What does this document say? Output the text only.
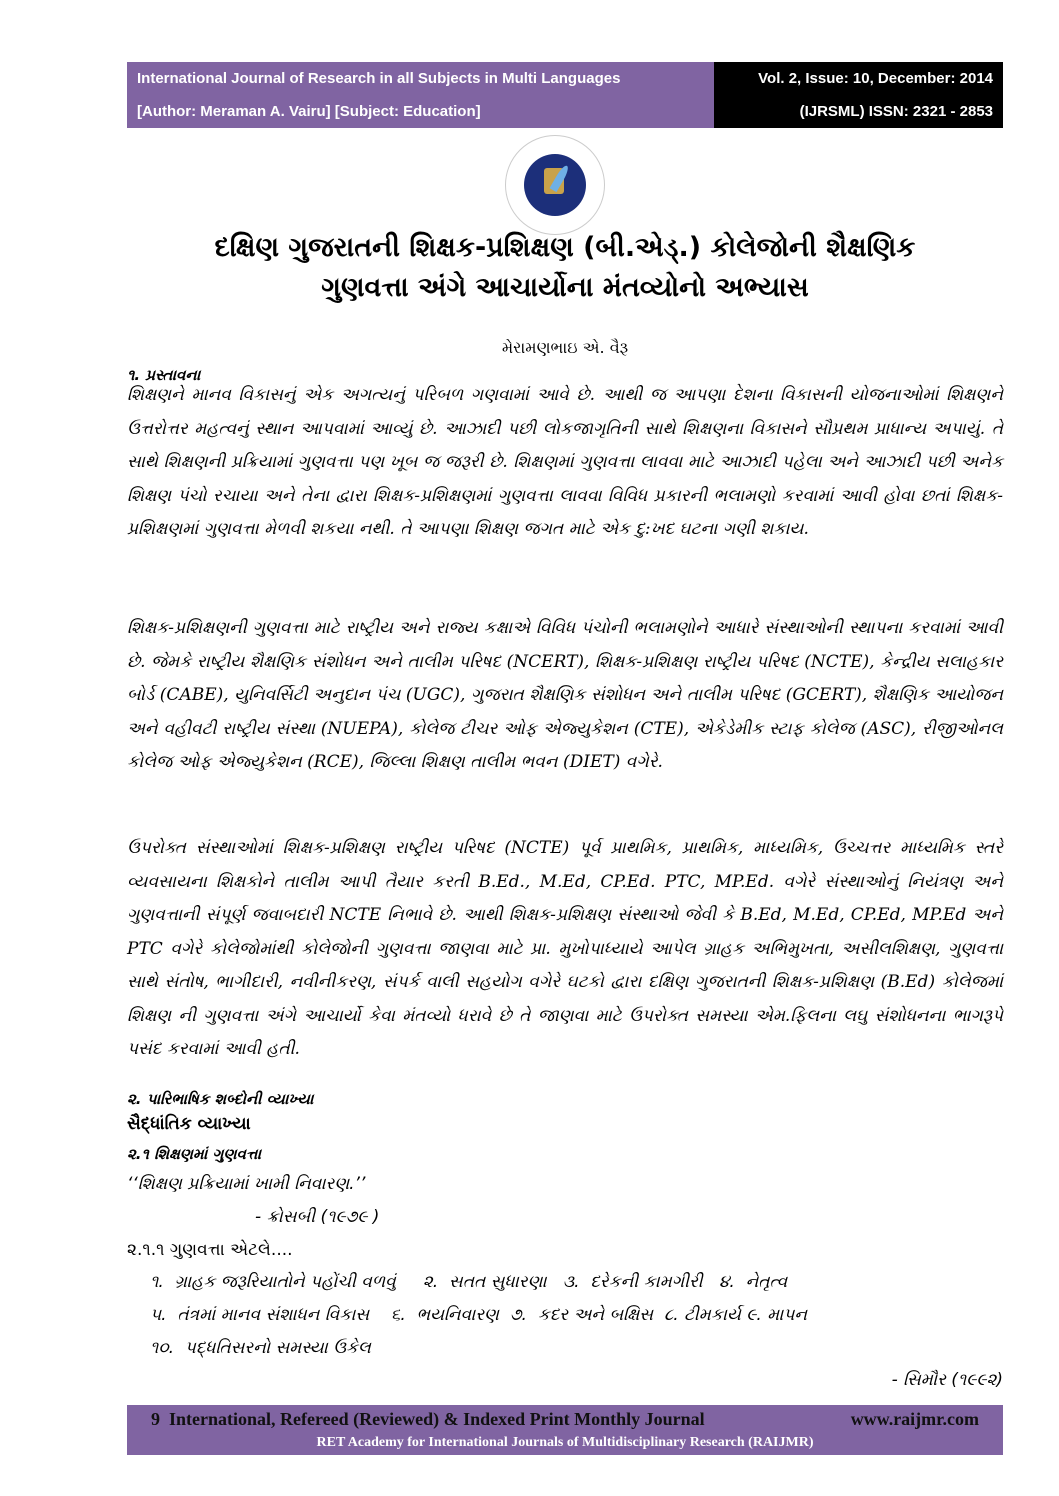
International Journal of Research in all Subjects in Multi Languages
[Author: Meraman A. Vairu] [Subject: Education]
Vol. 2, Issue: 10, December: 2014
(IJRSML) ISSN: 2321 - 2853
દક્ષિણ ગુજરાતની શિક્ષક-પ્રશિક્ષણ (બી.એડ્.) કોલેજોની શૈક્ષણિક
ગુણવત્તા અંગે આચાર્યોના મંતવ્યોનો અભ્યાસ
મેરામણભાઇ એ. વૈરૂ
૧. પ્રસ્તાવના
શિક્ષણને માનવ વિકાસનું એક અગત્યનું પરિબળ ગણવામાં આવે છે. આથી જ આપણા દેશના વિકાસની યોજનાઓમાં શિક્ષણને ઉત્તરોત્તર મહત્વનું સ્થાન આપવામાં આવ્યું છે. આઝાદી પછી લોકજાગૃતિની સાથે શિક્ષણના વિકાસને સૌપ્રથમ પ્રાધાન્ય અપાયું. તે સાથે શિક્ષણની પ્રક્રિયામાં ગુણવત્તા પણ ખૂબ જ જરૂરી છે. શિક્ષણમાં ગુણવત્તા લાવવા માટે આઝાદી પહેલા અને આઝાદી પછી અનેક શિક્ષણ પંચો રચાયા અને તેના દ્વારા શિક્ષક-પ્રશિક્ષણમાં ગુણવત્તા લાવવા વિવિધ પ્રકારની ભલામણો કરવામાં આવી હોવા છતાં શિક્ષક-પ્રશિક્ષણમાં ગુણવત્તા મેળવી શકયા નથી. તે આપણા શિક્ષણ જગત માટે એક દુ:ખદ ઘટના ગણી શકાય.
શિક્ષક-પ્રશિક્ષણની ગુણવત્તા માટે રાષ્ટ્રીય અને રાજ્ય કક્ષાએ વિવિધ પંચોની ભલામણોને આધારે સંસ્થાઓની સ્થાપના કરવામાં આવી છે. જેમકે રાષ્ટ્રીય શૈક્ષણિક સંશોધન અને તાલીમ પરિષદ (NCERT), શિક્ષક-પ્રશિક્ષણ રાષ્ટ્રીય પરિષદ (NCTE), કેન્દ્રીય સલાહકાર બોર્ડ (CABE), યુનિવર્સિટી અનુદાન પંચ (UGC), ગુજરાત શૈક્ષણિક સંશોધન અને તાલીમ પરિષદ (GCERT), શૈક્ષણિક આયોજન અને વહીવટી રાષ્ટ્રીય સંસ્થા (NUEPA), કોલેજ ટીચર ઓફ એજ્યુકેશન (CTE), એકેડેમીક સ્ટાફ કોલેજ (ASC), રીજીઓનલ કોલેજ ઓફ એજ્યુકેશન (RCE), જિલ્લા શિક્ષણ તાલીમ ભવન (DIET) વગેરે.
ઉપરોક્ત સંસ્થાઓમાં શિક્ષક-પ્રશિક્ષણ રાષ્ટ્રીય પરિષદ (NCTE) પૂર્વ પ્રાથમિક, પ્રાથમિક, માધ્યમિક, ઉચ્ચત્તર માધ્યમિક સ્તરે વ્યવસાયના શિક્ષકોને તાલીમ આપી તૈયાર કરતી B.Ed., M.Ed, CP.Ed. PTC, MP.Ed. વગેરે સંસ્થાઓનું નિયંત્રણ અને ગુણવત્તાની સંપૂર્ણ જવાબદારી NCTE નિભાવે છે. આથી શિક્ષક-પ્રશિક્ષણ સંસ્થાઓ જેવી કે B.Ed, M.Ed, CP.Ed, MP.Ed અને PTC વગેરે કોલેજોમાંથી કોલેજોની ગુણવત્તા જાણવા માટે પ્રા. મુખોપાધ્યાયે આપેલ ગ્રાહક અભિમુખતા, અસીલશિક્ષણ, ગુણવત્તા સાથે સંતોષ, ભાગીદારી, નવીનીકરણ, સંપર્ક વાલી સહયોગ વગેરે ઘટકો દ્વારા દક્ષિણ ગુજરાતની શિક્ષક-પ્રશિક્ષણ (B.Ed) કોલેજમાં શિક્ષણ ની ગુણવત્તા અંગે આચાર્યો કેવા મંતવ્યો ધરાવે છે તે જાણવા માટે ઉપરોક્ત સમસ્યા એમ.ફિલના લઘુ સંશોધનના ભાગરૂપે પસંદ કરવામાં આવી હતી.
૨. પારિભાષિક શબ્દોની વ્યાખ્યા
સૈદ્ધાંતિક વ્યાખ્યા
૨.૧ શિક્ષણમાં ગુણવત્તા
‘‘શિક્ષણ પ્રક્રિયામાં ખામી નિવારણ.’’
- ક્રોસબી (૧૯૭૯ )
૨.૧.૧ ગુણવત્તા એટલે....
૧.  ગ્રાહક જરૂરિયાતોને પહોંચી વળવું     ૨.  સતત સુધારણા   ૩.  દરેકની કામગીરી   ૪.  નેતૃત્વ
૫.  તંત્રમાં માનવ સંશાધન વિકાસ    ૬.  ભયનિવારણ  ૭.  કદર અને બક્ષિસ  ૮. ટીમકાર્ય ૯. માપન
૧૦.  પદ્ધતિસરનો સમસ્યા ઉકેલ
- સિમૌર (૧૯૯૨)
9 International, Refereed (Reviewed) & Indexed Print Monthly Journal	www.raijmr.com
RET Academy for International Journals of Multidisciplinary Research (RAIJMR)
